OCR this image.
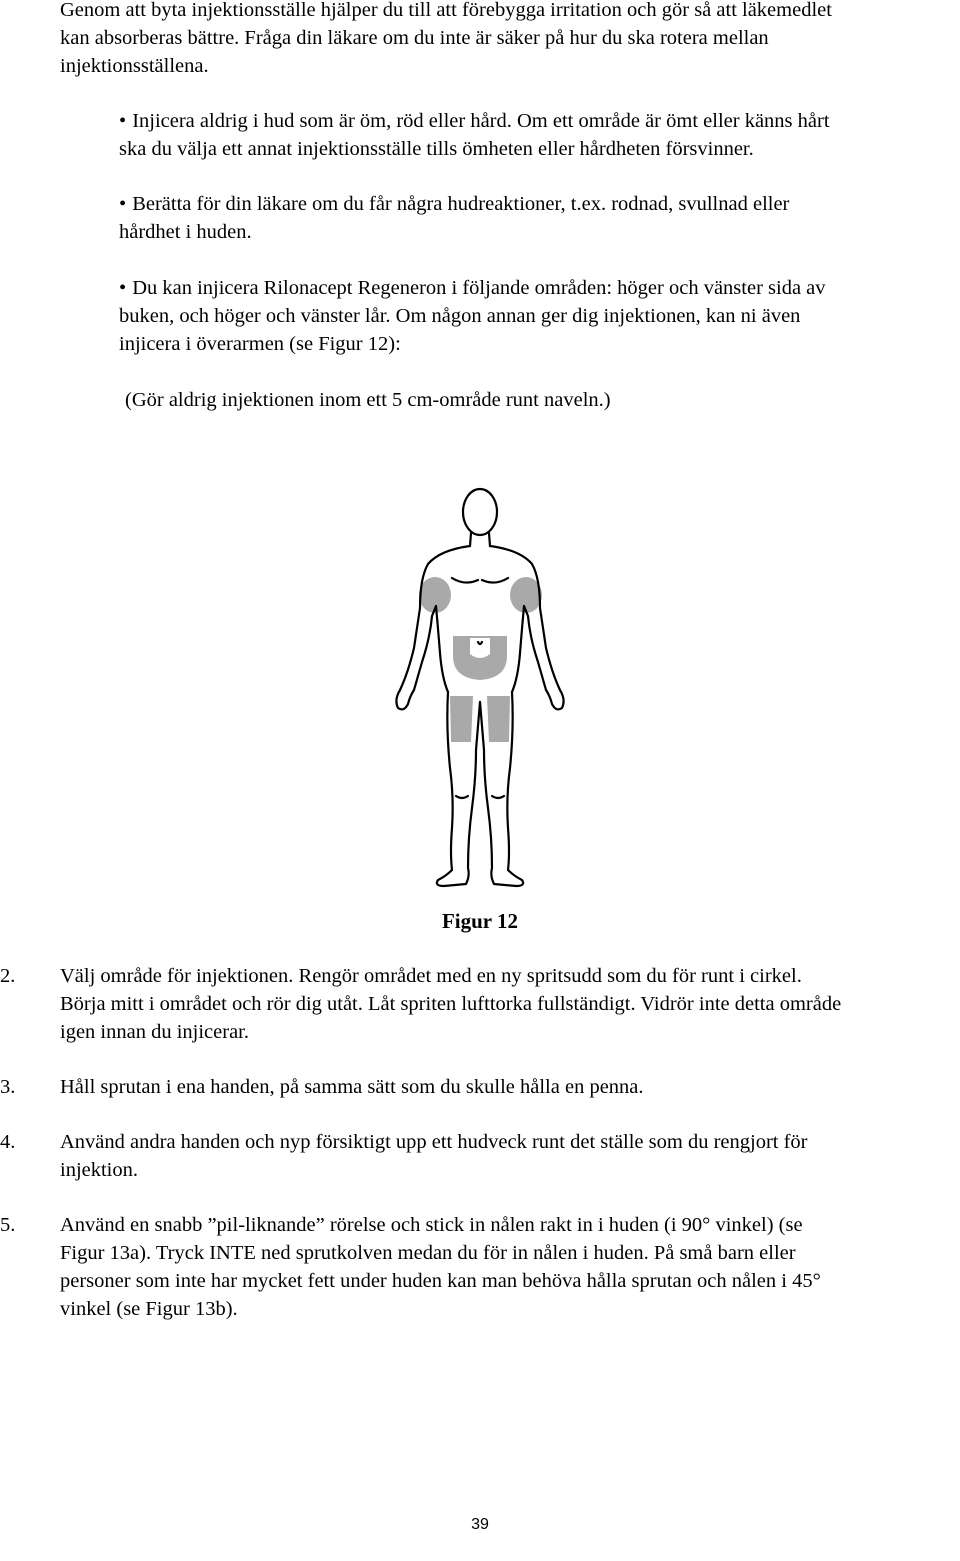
Genom att byta injektionsställe hjälper du till att förebygga irritation och gör så att läkemedlet
kan absorberas bättre. Fråga din läkare om du inte är säker på hur du ska rotera mellan
injektionsställena.
• Injicera aldrig i hud som är öm, röd eller hård. Om ett område är ömt eller känns hårt
ska du välja ett annat injektionsställe tills ömheten eller hårdheten försvinner.
• Berätta för din läkare om du får några hudreaktioner, t.ex. rodnad, svullnad eller
hårdhet i huden.
• Du kan injicera Rilonacept Regeneron i följande områden: höger och vänster sida av
buken, och höger och vänster lår. Om någon annan ger dig injektionen, kan ni även
injicera i överarmen (se Figur 12):
(Gör aldrig injektionen inom ett 5 cm-område runt naveln.)
Figur 12
2.	Välj område för injektionen. Rengör området med en ny spritsudd som du för runt i cirkel.
Börja mitt i området och rör dig utåt. Låt spriten lufttorka fullständigt. Vidrör inte detta område
igen innan du injicerar.
3.	Håll sprutan i ena handen, på samma sätt som du skulle hålla en penna.
4.	Använd andra handen och nyp försiktigt upp ett hudveck runt det ställe som du rengjort för
injektion.
5.	Använd en snabb ”pil-liknande” rörelse och stick in nålen rakt in i huden (i 90° vinkel) (se
Figur 13a). Tryck INTE ned sprutkolven medan du för in nålen i huden. På små barn eller
personer som inte har mycket fett under huden kan man behöva hålla sprutan och nålen i 45°
vinkel (se Figur 13b).
39
